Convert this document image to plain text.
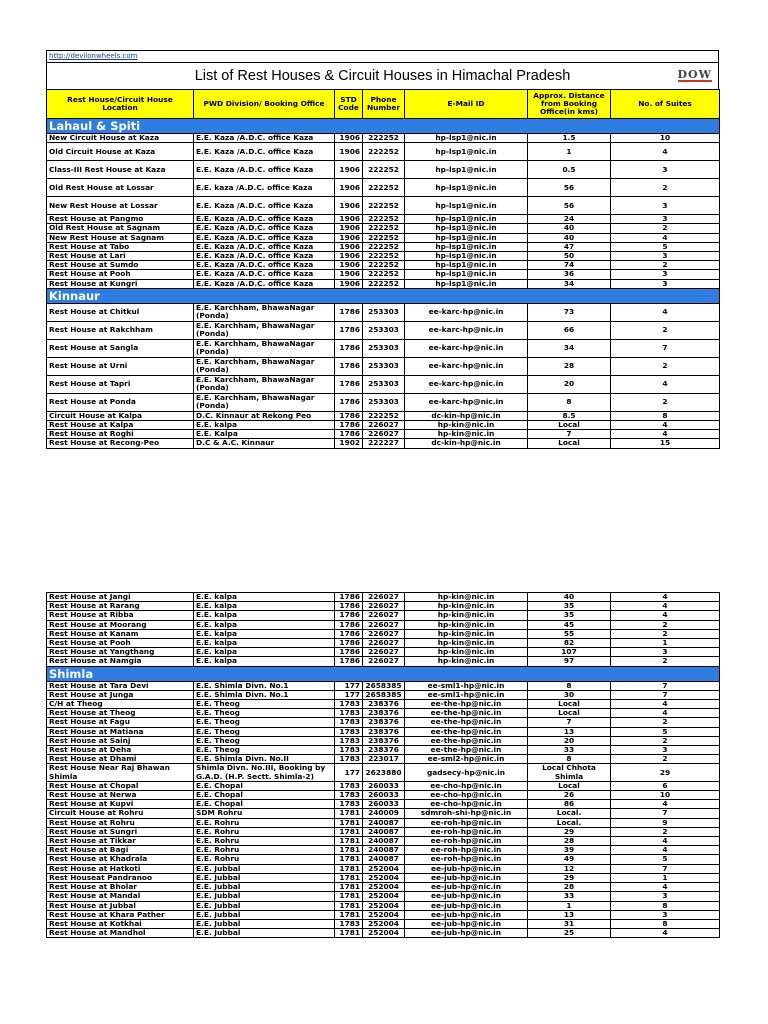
http://devilonwheels.com
List of Rest Houses & Circuit Houses in Himachal Pradesh	DOW
Rest House/Circuit House Location	PWD Division/ Booking Office	STD Code	Phone Number	E-Mail ID	Approx. Distance from Booking Office(in kms)	No. of Suites
Lahaul & Spiti						
New Circuit House at Kaza	E.E. Kaza /A.D.C. office Kaza	1906	222252	hp-lsp1@nic.in	1.5	10
Old Circuit House at Kaza	E.E. Kaza /A.D.C. office Kaza	1906	222252	hp-lsp1@nic.in	1	4
Class-III Rest House at Kaza	E.E. Kaza /A.D.C. office Kaza	1906	222252	hp-lsp1@nic.in	0.5	3
Old Rest House at Lossar	E.E. kaza /A.D.C. office Kaza	1906	222252	hp-lsp1@nic.in	56	2
New Rest House at Lossar	E.E. Kaza /A.D.C. office Kaza	1906	222252	hp-lsp1@nic.in	56	3
Rest House at Pangmo	E.E. Kaza /A.D.C. office Kaza	1906	222252	hp-lsp1@nic.in	24	3
Old Rest House at Sagnam	E.E. Kaza /A.D.C. office Kaza	1906	222252	hp-lsp1@nic.in	40	2
New Rest House at Sagnam	E.E. Kaza /A.D.C. office Kaza	1906	222252	hp-lsp1@nic.in	40	4
Rest House at Tabo	E.E. Kaza /A.D.C. office Kaza	1906	222252	hp-lsp1@nic.in	47	5
Rest House at Lari	E.E. Kaza /A.D.C. office Kaza	1906	222252	hp-lsp1@nic.in	50	3
Rest House at Sumdo	E.E. Kaza /A.D.C. office Kaza	1906	222252	hp-lsp1@nic.in	74	2
Rest House at Pooh	E.E. Kaza /A.D.C. office Kaza	1906	222252	hp-lsp1@nic.in	36	3
Rest House at Kungri	E.E. Kaza /A.D.C. office Kaza	1906	222252	hp-lsp1@nic.in	34	3
Kinnaur						
Rest House at Chitkul	E.E. Karchham, BhawaNagar (Ponda)	1786	253303	ee-karc-hp@nic.in	73	4
Rest House at Rakchham	E.E. Karchham, BhawaNagar (Ponda)	1786	253303	ee-karc-hp@nic.in	66	2
Rest House at Sangla	E.E. Karchham, BhawaNagar (Ponda)	1786	253303	ee-karc-hp@nic.in	34	7
Rest House at Urni	E.E. Karchham, BhawaNagar (Ponda)	1786	253303	ee-karc-hp@nic.in	28	2
Rest House at Tapri	E.E. Karchham, BhawaNagar (Ponda)	1786	253303	ee-karc-hp@nic.in	20	4
Rest House at Ponda	E.E. Karchham, BhawaNagar (Ponda)	1786	253303	ee-karc-hp@nic.in	8	2
Circuit House at Kalpa	D.C. Kinnaur at Rekong Peo	1786	222252	dc-kin-hp@nic.in	8.5	8
Rest House at Kalpa	E.E. kalpa	1786	226027	hp-kin@nic.in	Local	4
Rest House at Roghi	E.E. Kalpa	1786	226027	hp-kin@nic.in	7	4
Rest House at Recong-Peo	D.C & A.C. Kinnaur	1902	222227	dc-kin-hp@nic.in	Local	15
Rest House at Jangi	E.E. kalpa	1786	226027	hp-kin@nic.in	40	4
Rest House at Rarang	E.E. kalpa	1786	226027	hp-kin@nic.in	35	4
Rest House at Ribba	E.E. kalpa	1786	226027	hp-kin@nic.in	35	4
Rest House at Moorang	E.E. kalpa	1786	226027	hp-kin@nic.in	45	2
Rest House at Kanam	E.E. kalpa	1786	226027	hp-kin@nic.in	55	2
Rest House at Pooh	E.E. kalpa	1786	226027	hp-kin@nic.in	82	1
Rest House at Yangthang	E.E. kalpa	1786	226027	hp-kin@nic.in	107	3
Rest House at Namgia	E.E. kalpa	1786	226027	hp-kin@nic.in	97	2
Shimla						
Rest House at Tara Devi	E.E. Shimla Divn. No.1	177	2658385	ee-sml1-hp@nic.in	8	7
Rest House at Junga	E.E. Shimla Divn. No.1	177	2658385	ee-sml1-hp@nic.in	30	7
C/H at Theog	E.E. Theog	1783	238376	ee-the-hp@nic.in	Local	4
Rest House at Theog	E.E. Theog	1783	238376	ee-the-hp@nic.in	Local	4
Rest House at Fagu	E.E. Theog	1783	238376	ee-the-hp@nic.in	7	2
Rest House at Matiana	E.E. Theog	1783	238376	ee-the-hp@nic.in	13	5
Rest House at Sainj	E.E. Theog	1783	238376	ee-the-hp@nic.in	20	2
Rest House at Deha	E.E. Theog	1783	238376	ee-the-hp@nic.in	33	3
Rest House at Dhami	E.E. Shimla Divn. No.II	1783	223017	ee-sml2-hp@nic.in	8	2
Rest House Near Raj Bhawan Shimla	Shimla Divn. No.III, Booking by G.A.D. (H.P. Sectt. Shimla-2)	177	2623880	gadsecy-hp@nic.in	Local Chhota Shimla	29
Rest House at Chopal	E.E. Chopal	1783	260033	ee-cho-hp@nic.in	Local	6
Rest House at Nerwa	E.E. Chopal	1783	260033	ee-cho-hp@nic.in	26	10
Rest House at Kupvi	E.E. Chopal	1783	260033	ee-cho-hp@nic.in	86	4
Circuit House at Rohru	SDM Rohru	1781	240009	sdmroh-shi-hp@nic.in	Local.	7
Rest House at Rohru	E.E. Rohru	1781	240087	ee-roh-hp@nic.in	Local.	9
Rest House at Sungri	E.E. Rohru	1781	240087	ee-roh-hp@nic.in	29	2
Rest House at Tikkar	E.E. Rohru	1781	240087	ee-roh-hp@nic.in	28	4
Rest House at Bagi	E.E. Rohru	1781	240087	ee-roh-hp@nic.in	39	4
Rest House at Khadrala	E.E. Rohru	1781	240087	ee-roh-hp@nic.in	49	5
Rest House at Hatkoti	E.E. Jubbal	1781	252004	ee-jub-hp@nic.in	12	7
Rest Houseat Pandranoo	E.E. Jubbal	1781	252004	ee-jub-hp@nic.in	29	1
Rest House at Bholar	E.E. Jubbal	1781	252004	ee-jub-hp@nic.in	28	4
Rest House at Mandal	E.E. Jubbal	1781	252004	ee-jub-hp@nic.in	33	3
Rest House at Jubbal	E.E. Jubbal	1781	252004	ee-jub-hp@nic.in	1	8
Rest House at Khara Pather	E.E. Jubbal	1781	252004	ee-jub-hp@nic.in	13	3
Rest House at Kotkhai	E.E. Jubbal	1783	252004	ee-jub-hp@nic.in	31	8
Rest House at Mandhol	E.E. Jubbal	1781	252004	ee-jub-hp@nic.in	25	4
